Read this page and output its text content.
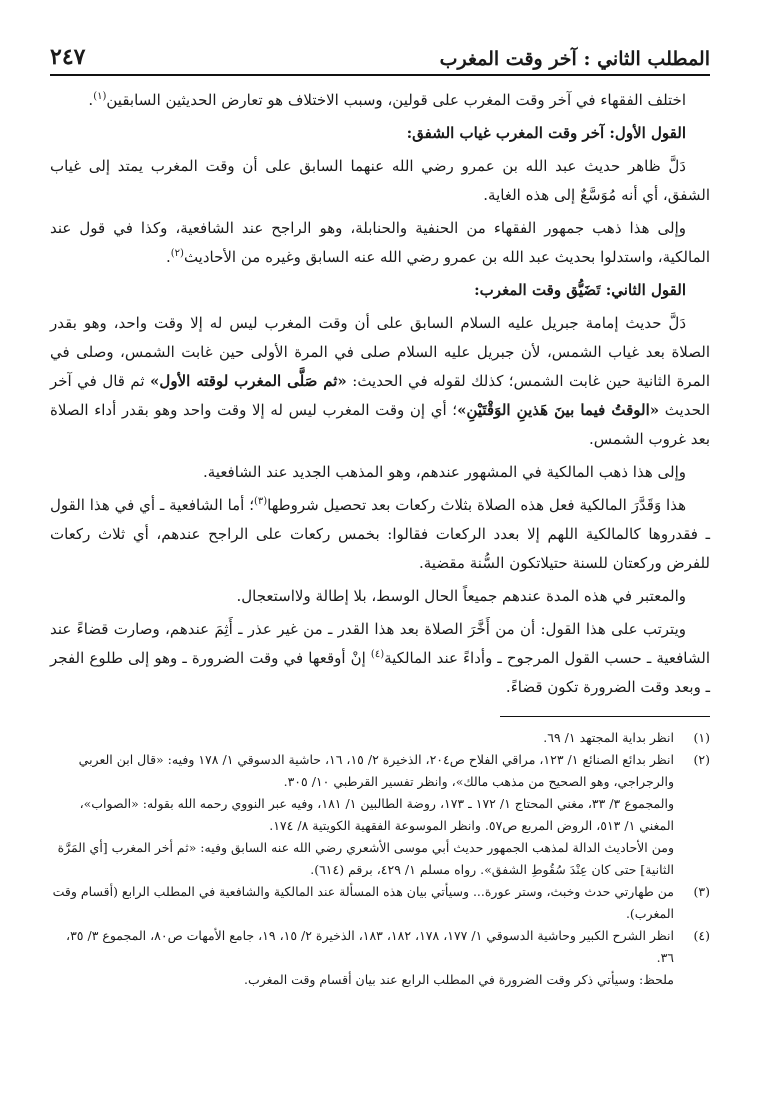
المطلب الثاني : آخر وقت المغرب
٢٤٧

اختلف الفقهاء في آخر وقت المغرب على قولين، وسبب الاختلاف هو تعارض الحديثين السابقين$^{(١)}$.

القول الأول: آخر وقت المغرب غياب الشفق:

دَلَّ ظاهر حديث عبد الله بن عمرو رضي الله عنهما السابق على أن وقت المغرب يمتد إلى غياب الشفق، أي أنه مُوَسَّعٌ إلى هذه الغاية.

وإلى هذا ذهب جمهور الفقهاء من الحنفية والحنابلة، وهو الراجح عند الشافعية، وكذا في قول عند المالكية، واستدلوا بحديث عبد الله بن عمرو رضي الله عنه السابق وغيره من الأحاديث$^{(٢)}$.

القول الثاني: تَضَيُّق وقت المغرب:

دَلَّ حديث إمامة جبريل عليه السلام السابق على أن وقت المغرب ليس له إلا وقت واحد، وهو بقدر الصلاة بعد غياب الشمس، لأن جبريل عليه السلام صلى في المرة الأولى حين غابت الشمس، وصلى في المرة الثانية حين غابت الشمس؛ كذلك لقوله في الحديث: «ثم صَلَّى المغرب لوقته الأول» ثم قال في آخر الحديث «الوقتُ فيما بينَ هَذينِ الوَقْتَيْنِ»؛ أي إن وقت المغرب ليس له إلا وقت واحد وهو بقدر أداء الصلاة بعد غروب الشمس.

وإلى هذا ذهب المالكية في المشهور عندهم، وهو المذهب الجديد عند الشافعية.

هذا وَقَدَّرَ المالكية فعل هذه الصلاة بثلاث ركعات بعد تحصيل شروطها$^{(٣)}$؛ أما الشافعية ـ أي في هذا القول ـ فقدروها كالمالكية اللهم إلا بعدد الركعات فقالوا: بخمس ركعات على الراجح عندهم، أي ثلاث ركعات للفرض وركعتان للسنة حتيلاتكون السُّنة مقضية.

والمعتبر في هذه المدة عندهم جميعاً الحال الوسط، بلا إطالة ولااستعجال.

ويترتب على هذا القول: أن من أَخَّرَ الصلاة بعد هذا القدر ـ من غير عذر ـ أَثِمَ عندهم، وصارت قضاءً عند الشافعية ـ حسب القول المرجوح ـ وأداءً عند المالكية$^{(٤)}$ إنْ أوقعها في وقت الضرورة ـ وهو إلى طلوع الفجر ـ وبعد وقت الضرورة تكون قضاءً.

(١)

انظر بداية المجتهد ١/ ٦٩.

(٢)

انظر بدائع الصنائع ١/ ١٢٣، مراقي الفلاح ص٢٠٤، الذخيرة ٢/ ١٥، ١٦، حاشية الدسوقي ١/ ١٧٨ وفيه: «قال ابن العربي والرجراجي، وهو الصحيح من مذهب مالك»، وانظر تفسير القرطبي ١٠/ ٣٠٥.

والمجموع ٣/ ٣٣، مغني المحتاج ١/ ١٧٢ ـ ١٧٣، روضة الطالبين ١/ ١٨١، وفيه عبر النووي رحمه الله بقوله: «الصواب»، المغني ١/ ٥١٣، الروض المربع ص٥٧. وانظر الموسوعة الفقهية الكويتية ٨/ ١٧٤.

ومن الأحاديث الدالة لمذهب الجمهور حديث أبي موسى الأشعري رضي الله عنه السابق وفيه: «ثم أخر المغرب [أي المَرَّة الثانية] حتى كان عِنْدَ سُقُوطِ الشفق». رواه مسلم ١/ ٤٢٩، برقم (٦١٤).

(٣)

من طهارتي حدث وخبث، وستر عورة... وسيأتي بيان هذه المسألة عند المالكية والشافعية في المطلب الرابع (أقسام وقت المغرب).

(٤)

انظر الشرح الكبير وحاشية الدسوقي ١/ ١٧٧، ١٧٨، ١٨٢، ١٨٣، الذخيرة ٢/ ١٥، ١٩، جامع الأمهات ص٨٠، المجموع ٣/ ٣٥، ٣٦.

ملحظ: وسيأتي ذكر وقت الضرورة في المطلب الرابع عند بيان أقسام وقت المغرب.
